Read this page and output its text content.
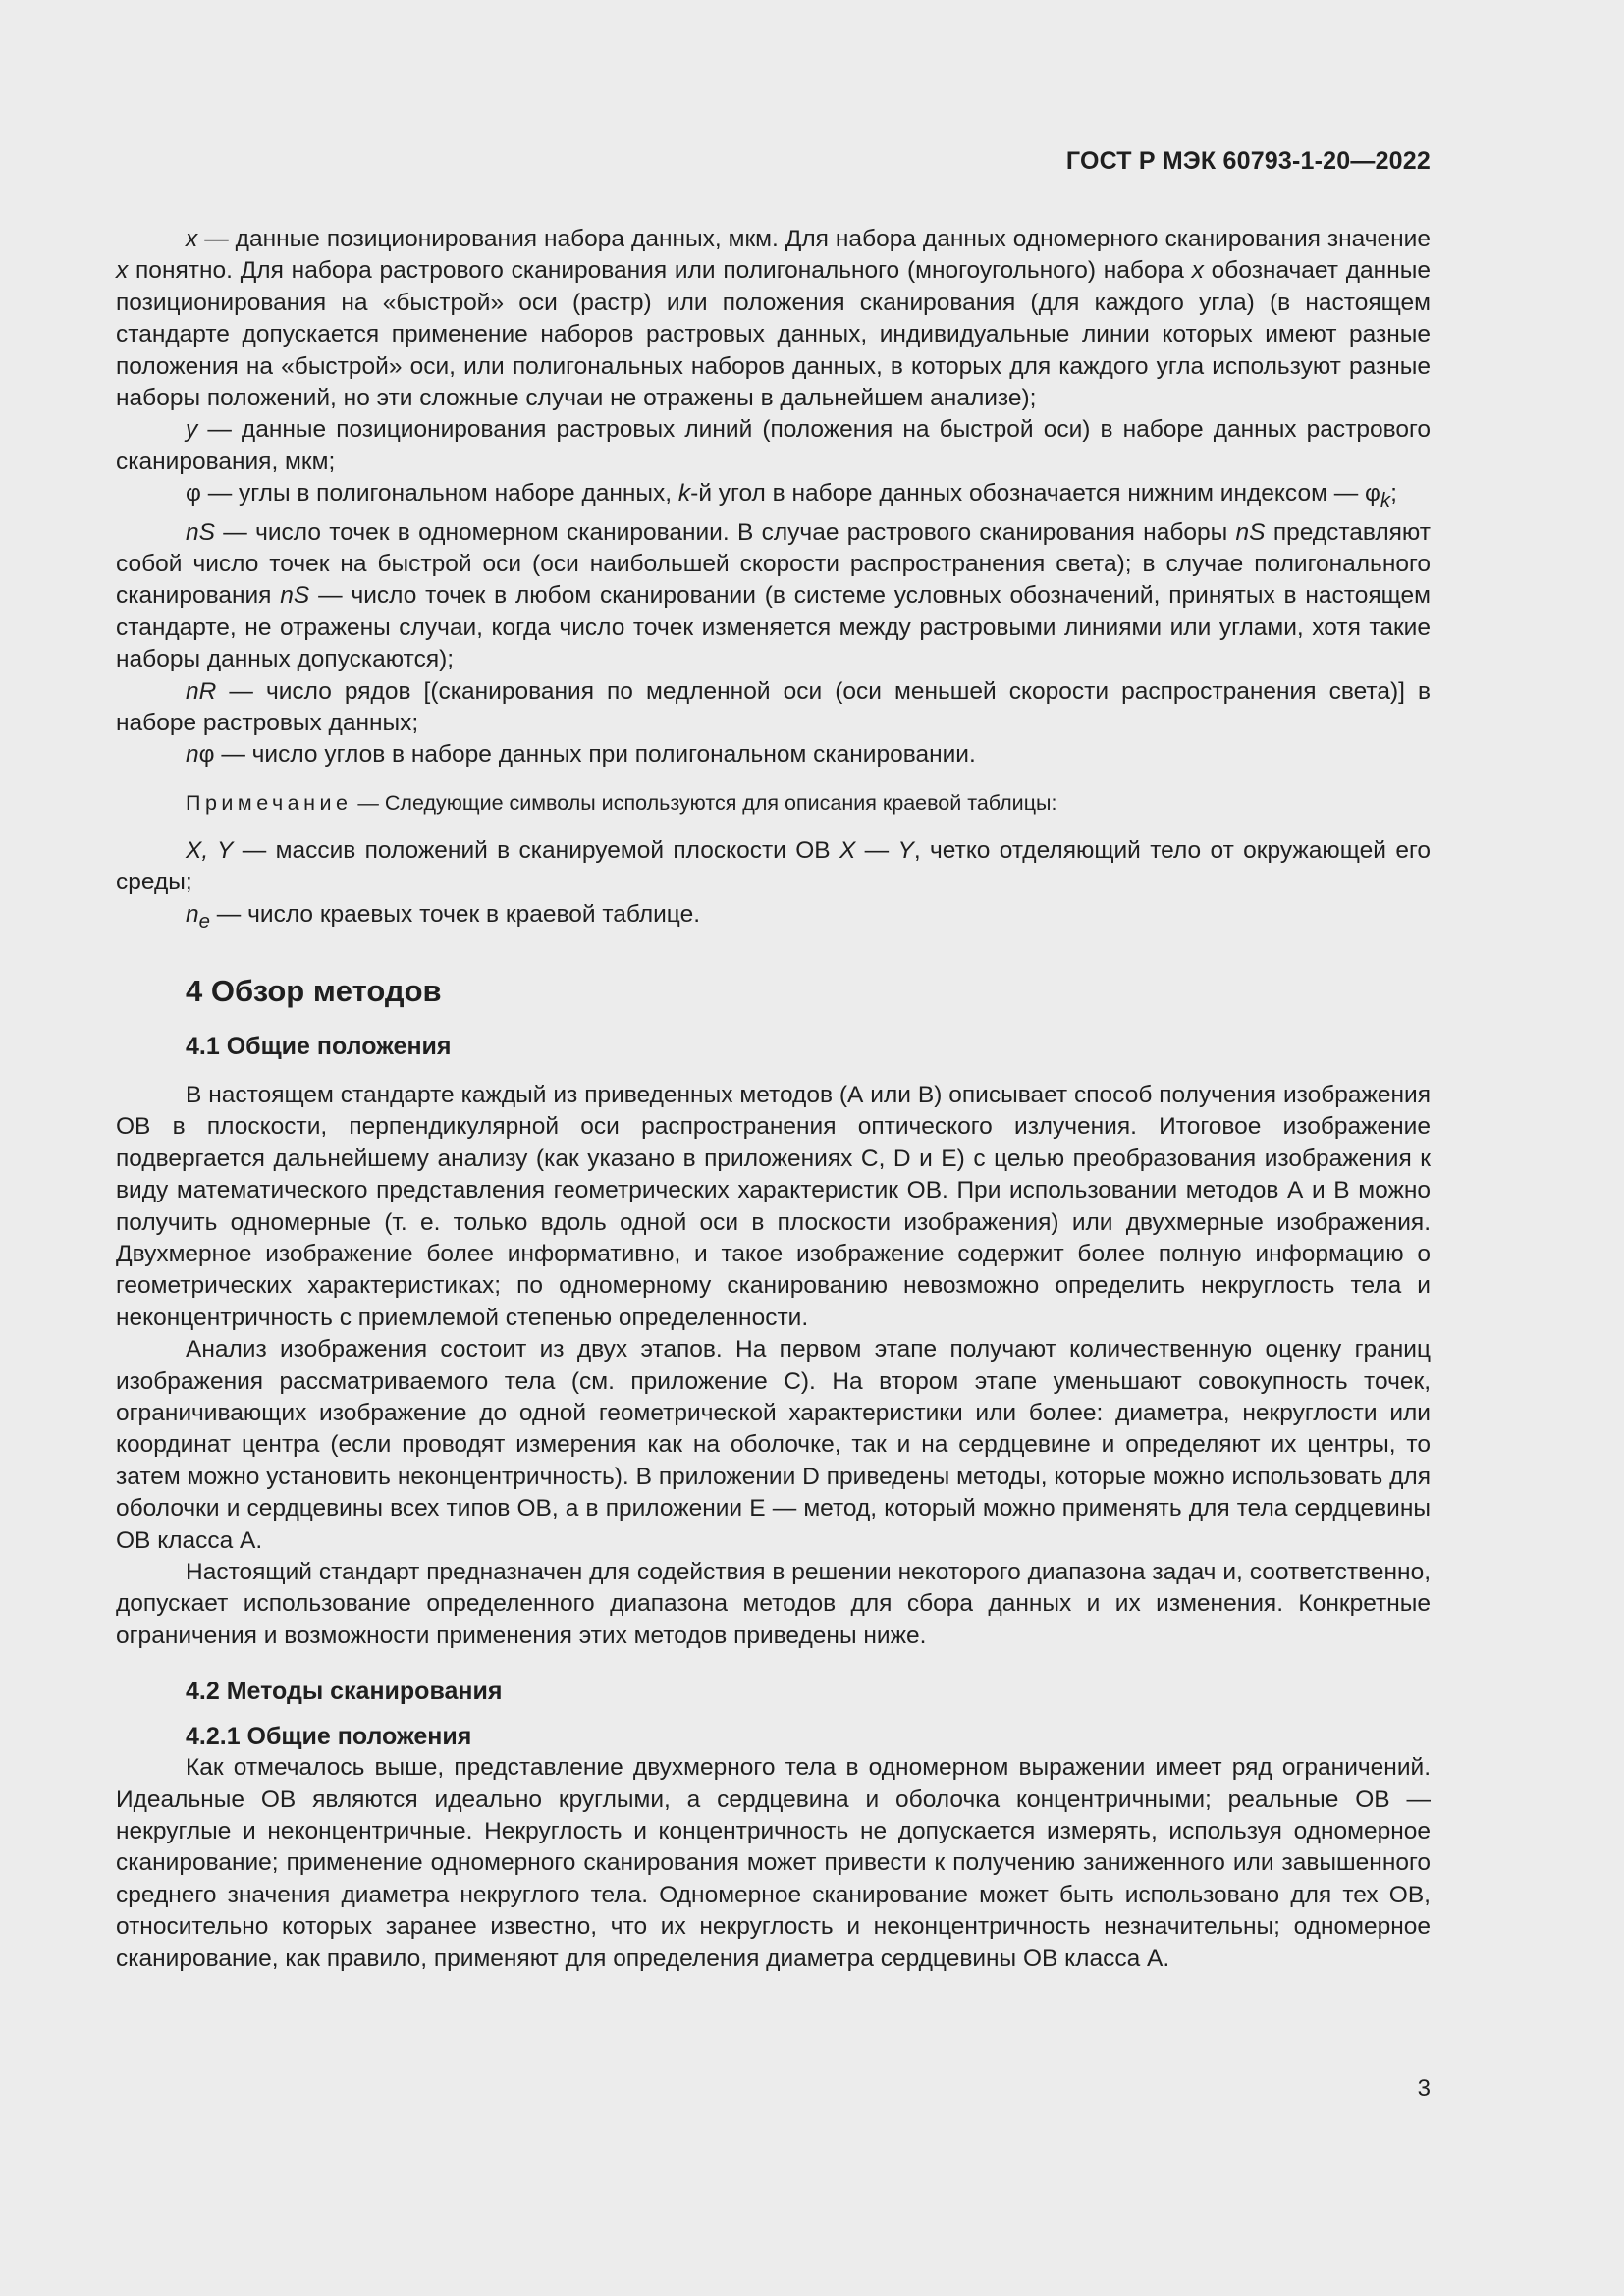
ГОСТ Р МЭК 60793-1-20—2022

x — данные позиционирования набора данных, мкм. Для набора данных одномерного сканирования значение x понятно. Для набора растрового сканирования или полигонального (многоугольного) набора x обозначает данные позиционирования на «быстрой» оси (растр) или положения сканирования (для каждого угла) (в настоящем стандарте допускается применение наборов растровых данных, индивидуальные линии которых имеют разные положения на «быстрой» оси, или полигональных наборов данных, в которых для каждого угла используют разные наборы положений, но эти сложные случаи не отражены в дальнейшем анализе);

y — данные позиционирования растровых линий (положения на быстрой оси) в наборе данных растрового сканирования, мкм;

φ — углы в полигональном наборе данных, k-й угол в наборе данных обозначается нижним индексом — $\varphi_k$;

nS — число точек в одномерном сканировании. В случае растрового сканирования наборы nS представляют собой число точек на быстрой оси (оси наибольшей скорости распространения света); в случае полигонального сканирования nS — число точек в любом сканировании (в системе условных обозначений, принятых в настоящем стандарте, не отражены случаи, когда число точек изменяется между растровыми линиями или углами, хотя такие наборы данных допускаются);

nR — число рядов [(сканирования по медленной оси (оси меньшей скорости распространения света)] в наборе растровых данных;

nφ — число углов в наборе данных при полигональном сканировании.

Примечание — Следующие символы используются для описания краевой таблицы:

X, Y — массив положений в сканируемой плоскости ОВ X — Y, четко отделяющий тело от окружающей его среды;

$n_e$ — число краевых точек в краевой таблице.

4 Обзор методов
4.1 Общие положения

В настоящем стандарте каждый из приведенных методов (А или В) описывает способ получения изображения ОВ в плоскости, перпендикулярной оси распространения оптического излучения. Итоговое изображение подвергается дальнейшему анализу (как указано в приложениях С, D и Е) с целью преобразования изображения к виду математического представления геометрических характеристик ОВ. При использовании методов А и В можно получить одномерные (т. е. только вдоль одной оси в плоскости изображения) или двухмерные изображения. Двухмерное изображение более информативно, и такое изображение содержит более полную информацию о геометрических характеристиках; по одномерному сканированию невозможно определить некруглость тела и неконцентричность с приемлемой степенью определенности.

Анализ изображения состоит из двух этапов. На первом этапе получают количественную оценку границ изображения рассматриваемого тела (см. приложение С). На втором этапе уменьшают совокупность точек, ограничивающих изображение до одной геометрической характеристики или более: диаметра, некруглости или координат центра (если проводят измерения как на оболочке, так и на сердцевине и определяют их центры, то затем можно установить неконцентричность). В приложении D приведены методы, которые можно использовать для оболочки и сердцевины всех типов ОВ, а в приложении Е — метод, который можно применять для тела сердцевины ОВ класса А.

Настоящий стандарт предназначен для содействия в решении некоторого диапазона задач и, соответственно, допускает использование определенного диапазона методов для сбора данных и их изменения. Конкретные ограничения и возможности применения этих методов приведены ниже.

4.2 Методы сканирования
4.2.1 Общие положения

Как отмечалось выше, представление двухмерного тела в одномерном выражении имеет ряд ограничений. Идеальные ОВ являются идеально круглыми, а сердцевина и оболочка концентричными; реальные ОВ — некруглые и неконцентричные. Некруглость и концентричность не допускается измерять, используя одномерное сканирование; применение одномерного сканирования может привести к получению заниженного или завышенного среднего значения диаметра некруглого тела. Одномерное сканирование может быть использовано для тех ОВ, относительно которых заранее известно, что их некруглость и неконцентричность незначительны; одномерное сканирование, как правило, применяют для определения диаметра сердцевины ОВ класса А.

3
